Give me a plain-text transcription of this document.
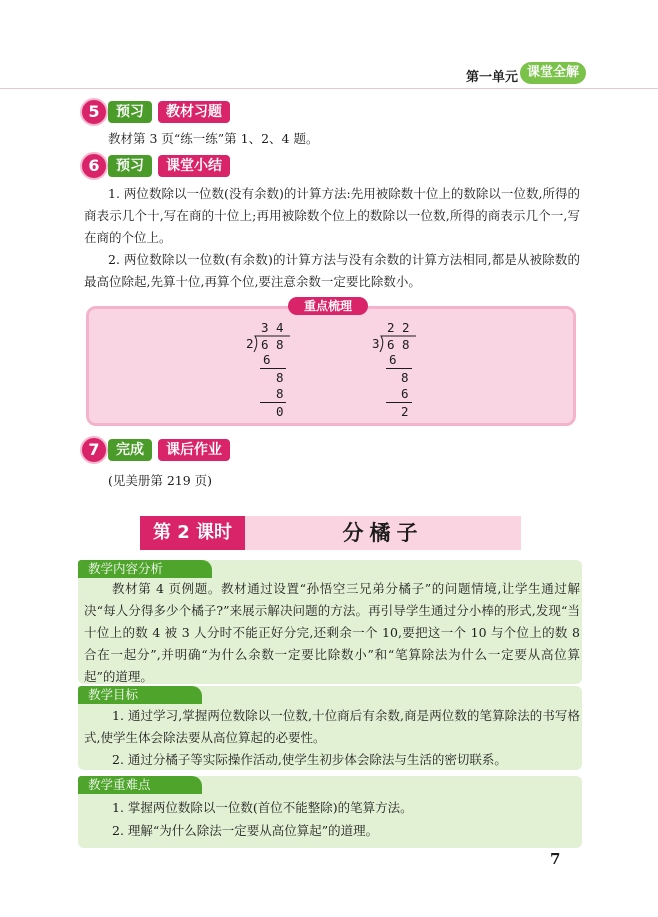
第一单元 课堂全解
5	预习	教材习题
教材第 3 页“练一练”第 1、2、4 题。
6	预习	课堂小结
1. 两位数除以一位数(没有余数)的计算方法:先用被除数十位上的数除以一位数,所得的商表示几个十,写在商的十位上;再用被除数个位上的数除以一位数,所得的商表示几个一,写在商的个位上。
2. 两位数除以一位数(有余数)的计算方法与没有余数的计算方法相同,都是从被除数的最高位除起,先算十位,再算个位,要注意余数一定要比除数小。
重点梳理
3 4
2 6 8
6
8
8
0
2 2
3 6 8
6
8
6
2
7	完成	课后作业
(见美册第 219 页)
第 2 课时	分橘子
教学内容分析
教材第 4 页例题。教材通过设置“孙悟空三兄弟分橘子”的问题情境,让学生通过解决“每人分得多少个橘子?”来展示解决问题的方法。再引导学生通过分小棒的形式,发现“当十位上的数 4 被 3 人分时不能正好分完,还剩余一个 10,要把这一个 10 与个位上的数 8 合在一起分”,并明确“为什么余数一定要比除数小”和“笔算除法为什么一定要从高位算起”的道理。
教学目标
1. 通过学习,掌握两位数除以一位数,十位商后有余数,商是两位数的笔算除法的书写格式,使学生体会除法要从高位算起的必要性。
2. 通过分橘子等实际操作活动,使学生初步体会除法与生活的密切联系。
教学重难点
1. 掌握两位数除以一位数(首位不能整除)的笔算方法。
2. 理解“为什么除法一定要从高位算起”的道理。
7
